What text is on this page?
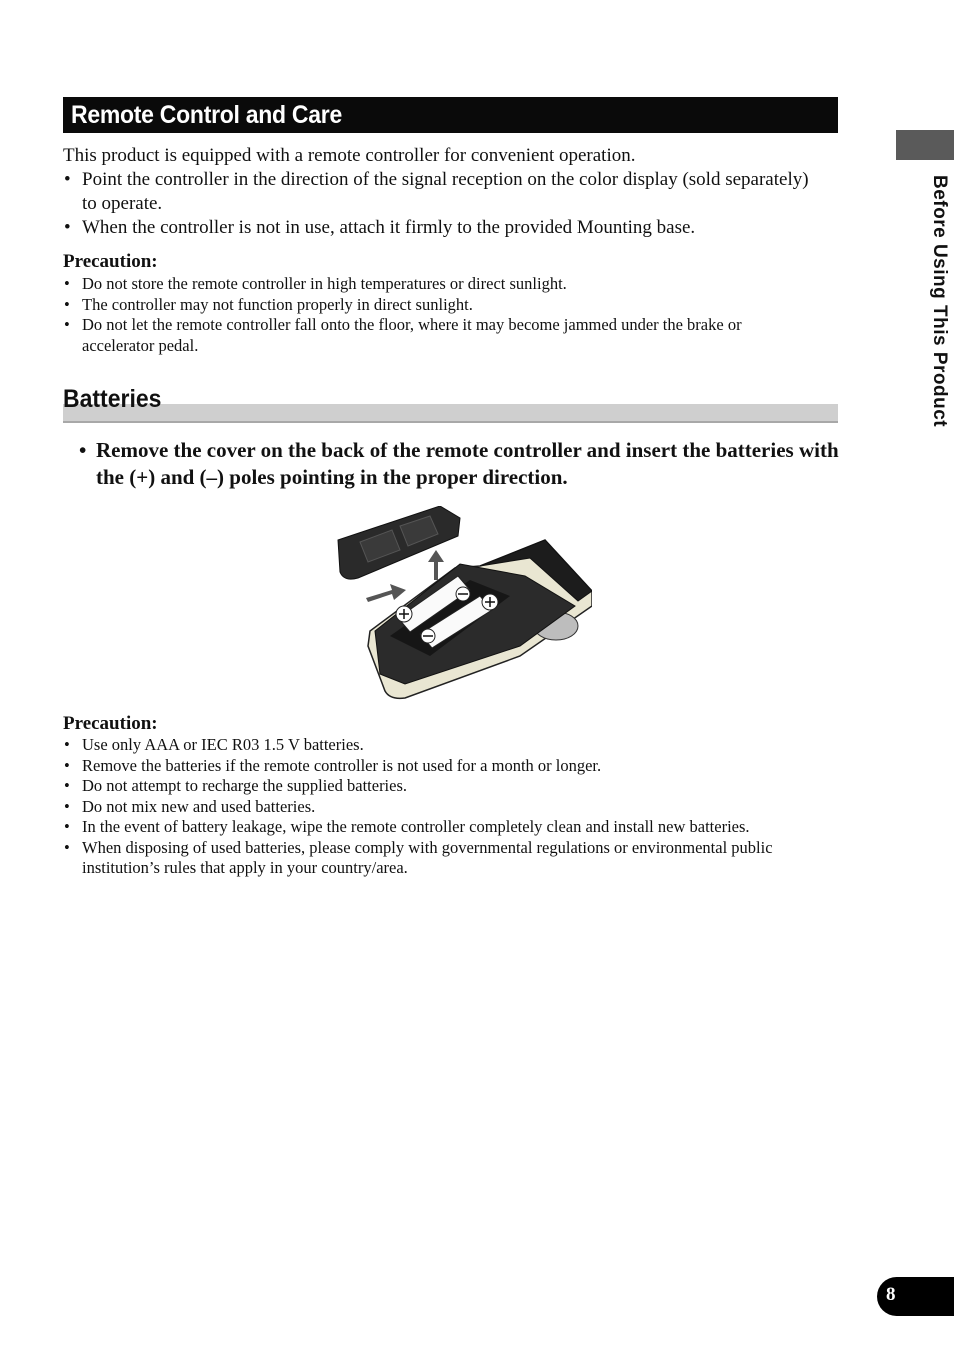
Remote Control and Care

This product is equipped with a remote controller for convenient operation.

• Point the controller in the direction of the signal reception on the color display (sold separately) to operate.
• When the controller is not in use, attach it firmly to the provided Mounting base.
Precaution:
• Do not store the remote controller in high temperatures or direct sunlight.
• The controller may not function properly in direct sunlight.
• Do not let the remote controller fall onto the floor, where it may become jammed under the brake or accelerator pedal.
Batteries
• Remove the cover on the back of the remote controller and insert the batteries with the (+) and (–) poles pointing in the proper direction.
Precaution:
• Use only AAA or IEC R03 1.5 V batteries.
• Remove the batteries if the remote controller is not used for a month or longer.
• Do not attempt to recharge the supplied batteries.
• Do not mix new and used batteries.
• In the event of battery leakage, wipe the remote controller completely clean and install new batteries.
• When disposing of used batteries, please comply with governmental regulations or environmental public institution’s rules that apply in your country/area.
Before Using This Product
8
